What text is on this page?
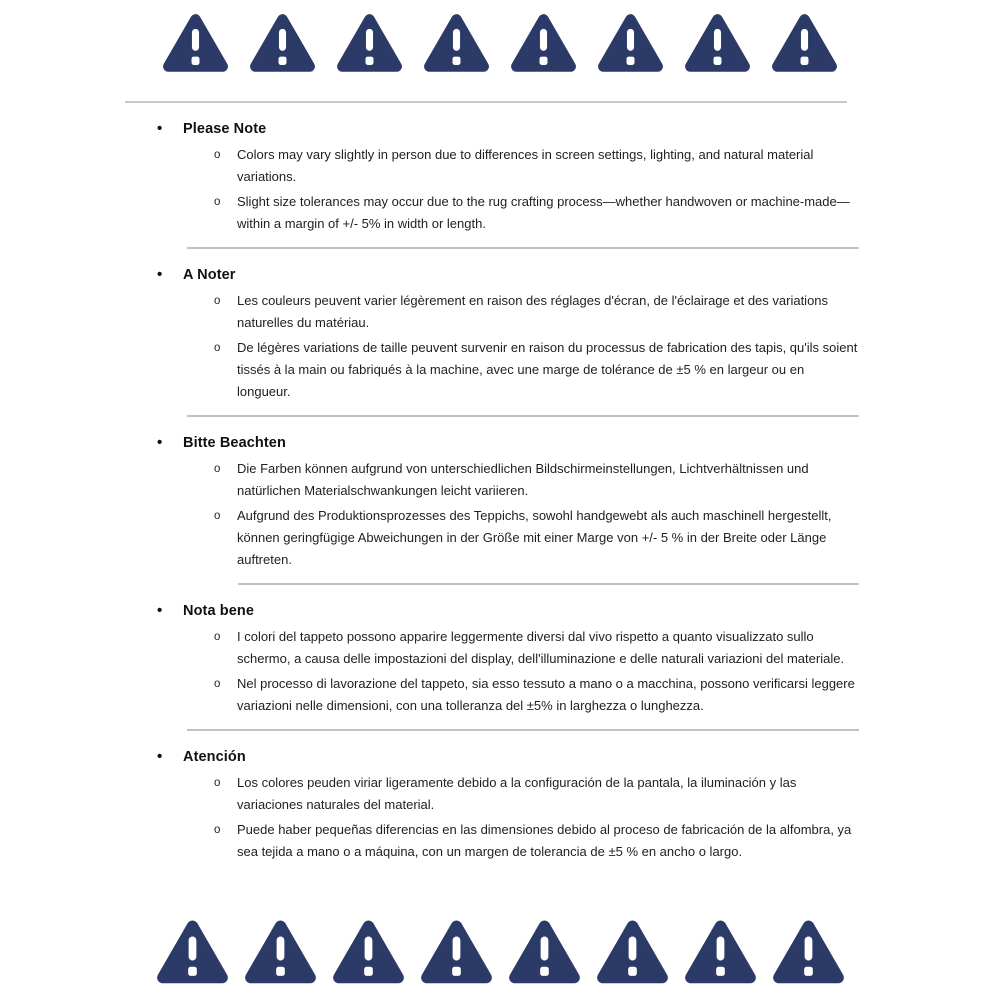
•	Please Note
o	Colors may vary slightly in person due to differences in screen settings, lighting, and natural material variations.
o	Slight size tolerances may occur due to the rug crafting process—whether handwoven or machine-made—within a margin of +/- 5% in width or length.
•	A Noter
o	Les couleurs peuvent varier légèrement en raison des réglages d'écran, de l'éclairage et des variations naturelles du matériau.
o	De légères variations de taille peuvent survenir en raison du processus de fabrication des tapis, qu'ils soient tissés à la main ou fabriqués à la machine, avec une marge de tolérance de ±5 % en largeur ou en longueur.
•	Bitte Beachten
o	Die Farben können aufgrund von unterschiedlichen Bildschirmeinstellungen, Lichtverhältnissen und natürlichen Materialschwankungen leicht variieren.
o	Aufgrund des Produktionsprozesses des Teppichs, sowohl handgewebt als auch maschinell hergestellt, können geringfügige Abweichungen in der Größe mit einer Marge von +/- 5 % in der Breite oder Länge auftreten.
•	Nota bene
o	I colori del tappeto possono apparire leggermente diversi dal vivo rispetto a quanto visualizzato sullo schermo, a causa delle impostazioni del display, dell'illuminazione e delle naturali variazioni del materiale.
o	Nel processo di lavorazione del tappeto, sia esso tessuto a mano o a macchina, possono verificarsi leggere variazioni nelle dimensioni, con una tolleranza del ±5% in larghezza o lunghezza.
•	Atención
o	Los colores peuden viriar ligeramente debido a la configuración de la pantala, la iluminación y las variaciones naturales del material.
o	Puede haber pequeñas diferencias en las dimensiones debido al proceso de fabricación de la alfombra, ya sea tejida a mano o a máquina, con un margen de tolerancia de ±5 % en ancho o largo.
